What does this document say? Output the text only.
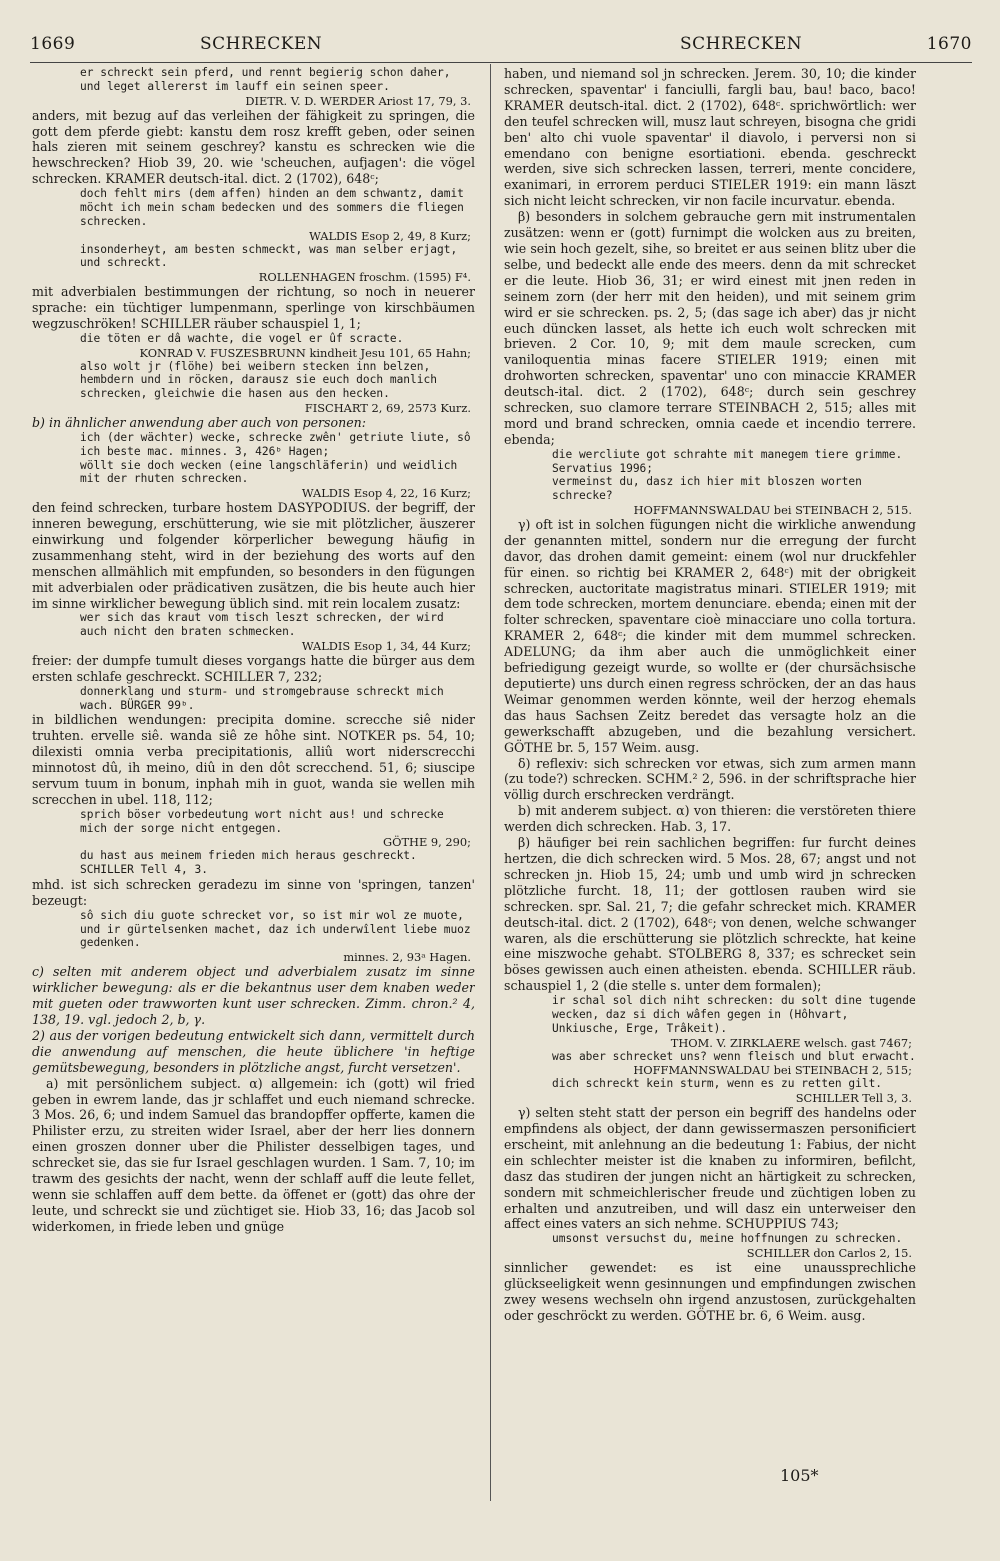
1669	SCHRECKEN	SCHRECKEN	1670

er schreckt sein pferd, und rennt begierig schon daher, und leget allererst im lauff ein seinen speer.

DIETR. V. D. WERDER Ariost 17, 79, 3.

anders, mit bezug auf das verleihen der fähigkeit zu springen, die gott dem pferde giebt: kanstu dem rosz krefft geben, oder seinen hals zieren mit seinem geschrey? kanstu es schrecken wie die hewschrecken? Hiob 39, 20. wie 'scheuchen, aufjagen': die vögel schrecken. KRAMER deutsch-ital. dict. 2 (1702), 648ᶜ;

doch fehlt mirs (dem affen) hinden an dem schwantz, damit möcht ich mein scham bedecken und des sommers die fliegen schrecken.

WALDIS Esop 2, 49, 8 Kurz;

insonderheyt, am besten schmeckt, was man selber erjagt, und schreckt.

ROLLENHAGEN froschm. (1595) F⁴.

mit adverbialen bestimmungen der richtung, so noch in neuerer sprache: ein tüchtiger lumpenmann, sperlinge von kirschbäumen wegzuschröken! SCHILLER räuber schauspiel 1, 1;

die töten er dâ wachte, die vogel er ûf scracte.

KONRAD V. FUSZESBRUNN kindheit Jesu 101, 65 Hahn;

also wolt jr (flöhe) bei weibern stecken inn belzen, hembdern und in röcken, darausz sie euch doch manlich schrecken, gleichwie die hasen aus den hecken.

FISCHART 2, 69, 2573 Kurz.

b) in ähnlicher anwendung aber auch von personen:

ich (der wächter) wecke, schrecke zwên' getriute liute, sô ich beste mac. minnes. 3, 426ᵇ Hagen;

wöllt sie doch wecken (eine langschläferin) und weidlich mit der rhuten schrecken.

WALDIS Esop 4, 22, 16 Kurz;

den feind schrecken, turbare hostem DASYPODIUS. der begriff, der inneren bewegung, erschütterung, wie sie mit plötzlicher, äuszerer einwirkung und folgender körperlicher bewegung häufig in zusammenhang steht, wird in der beziehung des worts auf den menschen allmählich mit empfunden, so besonders in den fügungen mit adverbialen oder prädicativen zusätzen, die bis heute auch hier im sinne wirklicher bewegung üblich sind. mit rein localem zusatz:

wer sich das kraut vom tisch leszt schrecken, der wird auch nicht den braten schmecken.

WALDIS Esop 1, 34, 44 Kurz;

freier: der dumpfe tumult dieses vorgangs hatte die bürger aus dem ersten schlafe geschreckt. SCHILLER 7, 232;

donnerklang und sturm- und stromgebrause schreckt mich wach. BÜRGER 99ᵇ.

in bildlichen wendungen: precipita domine. screcche siê nider truhten. ervelle siê. wanda siê ze hôhe sint. NOTKER ps. 54, 10; dilexisti omnia verba precipitationis, alliû wort niderscrecchi minnotost dû, ih meino, diû in den dôt screcchend. 51, 6; siuscipe servum tuum in bonum, inphah mih in guot, wanda sie wellen mih screcchen in ubel. 118, 112;

sprich böser vorbedeutung wort nicht aus! und schrecke mich der sorge nicht entgegen.

GÖTHE 9, 290;

du hast aus meinem frieden mich heraus geschreckt. SCHILLER Tell 4, 3.

mhd. ist sich schrecken geradezu im sinne von 'springen, tanzen' bezeugt:

sô sich diu guote schrecket vor, so ist mir wol ze muote, und ir gürtelsenken machet, daz ich underwîlent liebe muoz gedenken.

minnes. 2, 93ᵃ Hagen.

c) selten mit anderem object und adverbialem zusatz im sinne wirklicher bewegung: als er die bekantnus user dem knaben weder mit gueten oder trawworten kunt user schrecken. Zimm. chron.² 4, 138, 19. vgl. jedoch 2, b, γ.

2) aus der vorigen bedeutung entwickelt sich dann, vermittelt durch die anwendung auf menschen, die heute üblichere 'in heftige gemütsbewegung, besonders in plötzliche angst, furcht versetzen'.

a) mit persönlichem subject. α) allgemein: ich (gott) wil fried geben in ewrem lande, das jr schlaffet und euch niemand schrecke. 3 Mos. 26, 6; und indem Samuel das brandopffer opfferte, kamen die Philister erzu, zu streiten wider Israel, aber der herr lies donnern einen groszen donner uber die Philister desselbigen tages, und schrecket sie, das sie fur Israel geschlagen wurden. 1 Sam. 7, 10; im trawm des gesichts der nacht, wenn der schlaff auff die leute fellet, wenn sie schlaffen auff dem bette. da öffenet er (gott) das ohre der leute, und schreckt sie und züchtiget sie. Hiob 33, 16; das Jacob sol widerkomen, in friede leben und gnüge

haben, und niemand sol jn schrecken. Jerem. 30, 10; die kinder schrecken, spaventar' i fanciulli, fargli bau, bau! baco, baco! KRAMER deutsch-ital. dict. 2 (1702), 648ᶜ. sprichwörtlich: wer den teufel schrecken will, musz laut schreyen, bisogna che gridi ben' alto chi vuole spaventar' il diavolo, i perversi non si emendano con benigne esortiationi. ebenda. geschreckt werden, sive sich schrecken lassen, terreri, mente concidere, exanimari, in errorem perduci STIELER 1919: ein mann läszt sich nicht leicht schrecken, vir non facile incurvatur. ebenda.

β) besonders in solchem gebrauche gern mit instrumentalen zusätzen: wenn er (gott) furnimpt die wolcken aus zu breiten, wie sein hoch gezelt, sihe, so breitet er aus seinen blitz uber die selbe, und bedeckt alle ende des meers. denn da mit schrecket er die leute. Hiob 36, 31; er wird einest mit jnen reden in seinem zorn (der herr mit den heiden), und mit seinem grim wird er sie schrecken. ps. 2, 5; (das sage ich aber) das jr nicht euch düncken lasset, als hette ich euch wolt schrecken mit brieven. 2 Cor. 10, 9; mit dem maule screcken, cum vaniloquentia minas facere STIELER 1919; einen mit drohworten schrecken, spaventar' uno con minaccie KRAMER deutsch-ital. dict. 2 (1702), 648ᶜ; durch sein geschrey schrecken, suo clamore terrare STEINBACH 2, 515; alles mit mord und brand schrecken, omnia caede et incendio terrere. ebenda;

die wercliute got schrahte mit manegem tiere grimme. Servatius 1996;

vermeinst du, dasz ich hier mit bloszen worten schrecke?

HOFFMANNSWALDAU bei STEINBACH 2, 515.

γ) oft ist in solchen fügungen nicht die wirkliche anwendung der genannten mittel, sondern nur die erregung der furcht davor, das drohen damit gemeint: einem (wol nur druckfehler für einen. so richtig bei KRAMER 2, 648ᶜ) mit der obrigkeit schrecken, auctoritate magistratus minari. STIELER 1919; mit dem tode schrecken, mortem denunciare. ebenda; einen mit der folter schrecken, spaventare cioè minacciare uno colla tortura. KRAMER 2, 648ᶜ; die kinder mit dem mummel schrecken. ADELUNG; da ihm aber auch die unmöglichkeit einer befriedigung gezeigt wurde, so wollte er (der chursächsische deputierte) uns durch einen regress schröcken, der an das haus Weimar genommen werden könnte, weil der herzog ehemals das haus Sachsen Zeitz beredet das versagte holz an die gewerkschafft abzugeben, und die bezahlung versichert. GÖTHE br. 5, 157 Weim. ausg.

δ) reflexiv: sich schrecken vor etwas, sich zum armen mann (zu tode?) schrecken. SCHM.² 2, 596. in der schriftsprache hier völlig durch erschrecken verdrängt.

b) mit anderem subject. α) von thieren: die verstöreten thiere werden dich schrecken. Hab. 3, 17.

β) häufiger bei rein sachlichen begriffen: fur furcht deines hertzen, die dich schrecken wird. 5 Mos. 28, 67; angst und not schrecken jn. Hiob 15, 24; umb und umb wird jn schrecken plötzliche furcht. 18, 11; der gottlosen rauben wird sie schrecken. spr. Sal. 21, 7; die gefahr schrecket mich. KRAMER deutsch-ital. dict. 2 (1702), 648ᶜ; von denen, welche schwanger waren, als die erschütterung sie plötzlich schreckte, hat keine eine miszwoche gehabt. STOLBERG 8, 337; es schrecket sein böses gewissen auch einen atheisten. ebenda. SCHILLER räub. schauspiel 1, 2 (die stelle s. unter dem formalen);

ir schal sol dich niht schrecken: du solt dine tugende wecken, daz si dich wâfen gegen in (Hôhvart, Unkiusche, Erge, Trâkeit).

THOM. V. ZIRKLAERE welsch. gast 7467;

was aber schrecket uns? wenn fleisch und blut erwacht.

HOFFMANNSWALDAU bei STEINBACH 2, 515;

dich schreckt kein sturm, wenn es zu retten gilt.

SCHILLER Tell 3, 3.

γ) selten steht statt der person ein begriff des handelns oder empfindens als object, der dann gewissermaszen personificiert erscheint, mit anlehnung an die bedeutung 1: Fabius, der nicht ein schlechter meister ist die knaben zu informiren, befilcht, dasz das studiren der jungen nicht an härtigkeit zu schrecken, sondern mit schmeichlerischer freude und züchtigen loben zu erhalten und anzutreiben, und will dasz ein unterweiser den affect eines vaters an sich nehme. SCHUPPIUS 743;

umsonst versuchst du, meine hoffnungen zu schrecken.

SCHILLER don Carlos 2, 15.

sinnlicher gewendet: es ist eine unaussprechliche glückseeligkeit wenn gesinnungen und empfindungen zwischen zwey wesens wechseln ohn irgend anzustosen, zurückgehalten oder geschröckt zu werden. GÖTHE br. 6, 6 Weim. ausg.

105*
